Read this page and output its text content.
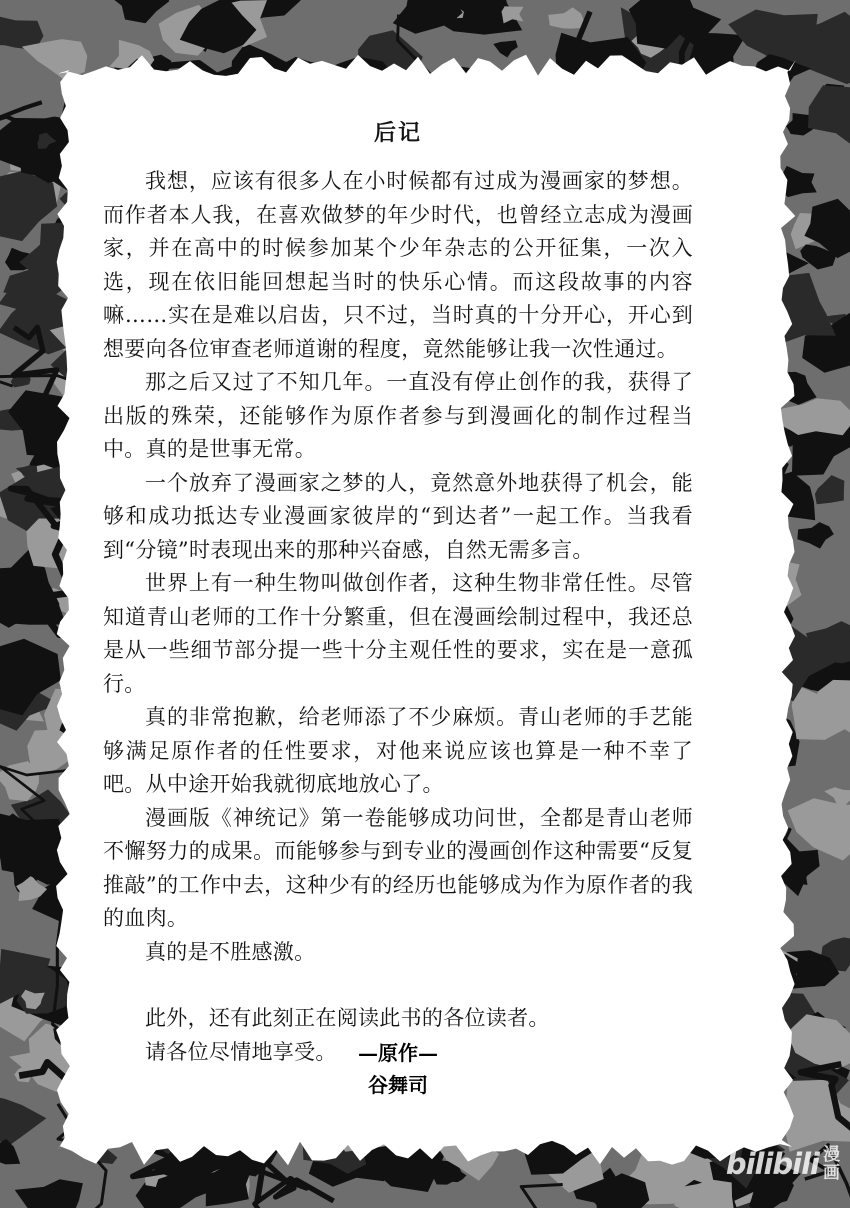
后记

我想，应该有很多人在小时候都有过成为漫画家的梦想。而作者本人我，在喜欢做梦的年少时代，也曾经立志成为漫画家，并在高中的时候参加某个少年杂志的公开征集，一次入选，现在依旧能回想起当时的快乐心情。而这段故事的内容嘛……实在是难以启齿，只不过，当时真的十分开心，开心到想要向各位审查老师道谢的程度，竟然能够让我一次性通过。

那之后又过了不知几年。一直没有停止创作的我，获得了出版的殊荣，还能够作为原作者参与到漫画化的制作过程当中。真的是世事无常。

一个放弃了漫画家之梦的人，竟然意外地获得了机会，能够和成功抵达专业漫画家彼岸的“到达者”一起工作。当我看到“分镜”时表现出来的那种兴奋感，自然无需多言。

世界上有一种生物叫做创作者，这种生物非常任性。尽管知道青山老师的工作十分繁重，但在漫画绘制过程中，我还总是从一些细节部分提一些十分主观任性的要求，实在是一意孤行。

真的非常抱歉，给老师添了不少麻烦。青山老师的手艺能够满足原作者的任性要求，对他来说应该也算是一种不幸了吧。从中途开始我就彻底地放心了。

漫画版《神统记》第一卷能够成功问世，全都是青山老师不懈努力的成果。而能够参与到专业的漫画创作这种需要“反复推敲”的工作中去，这种少有的经历也能够成为作为原作者的我的血肉。

真的是不胜感激。

此外，还有此刻正在阅读此书的各位读者。

请各位尽情地享受。	—原作—
谷舞司
bilibili 漫
画
